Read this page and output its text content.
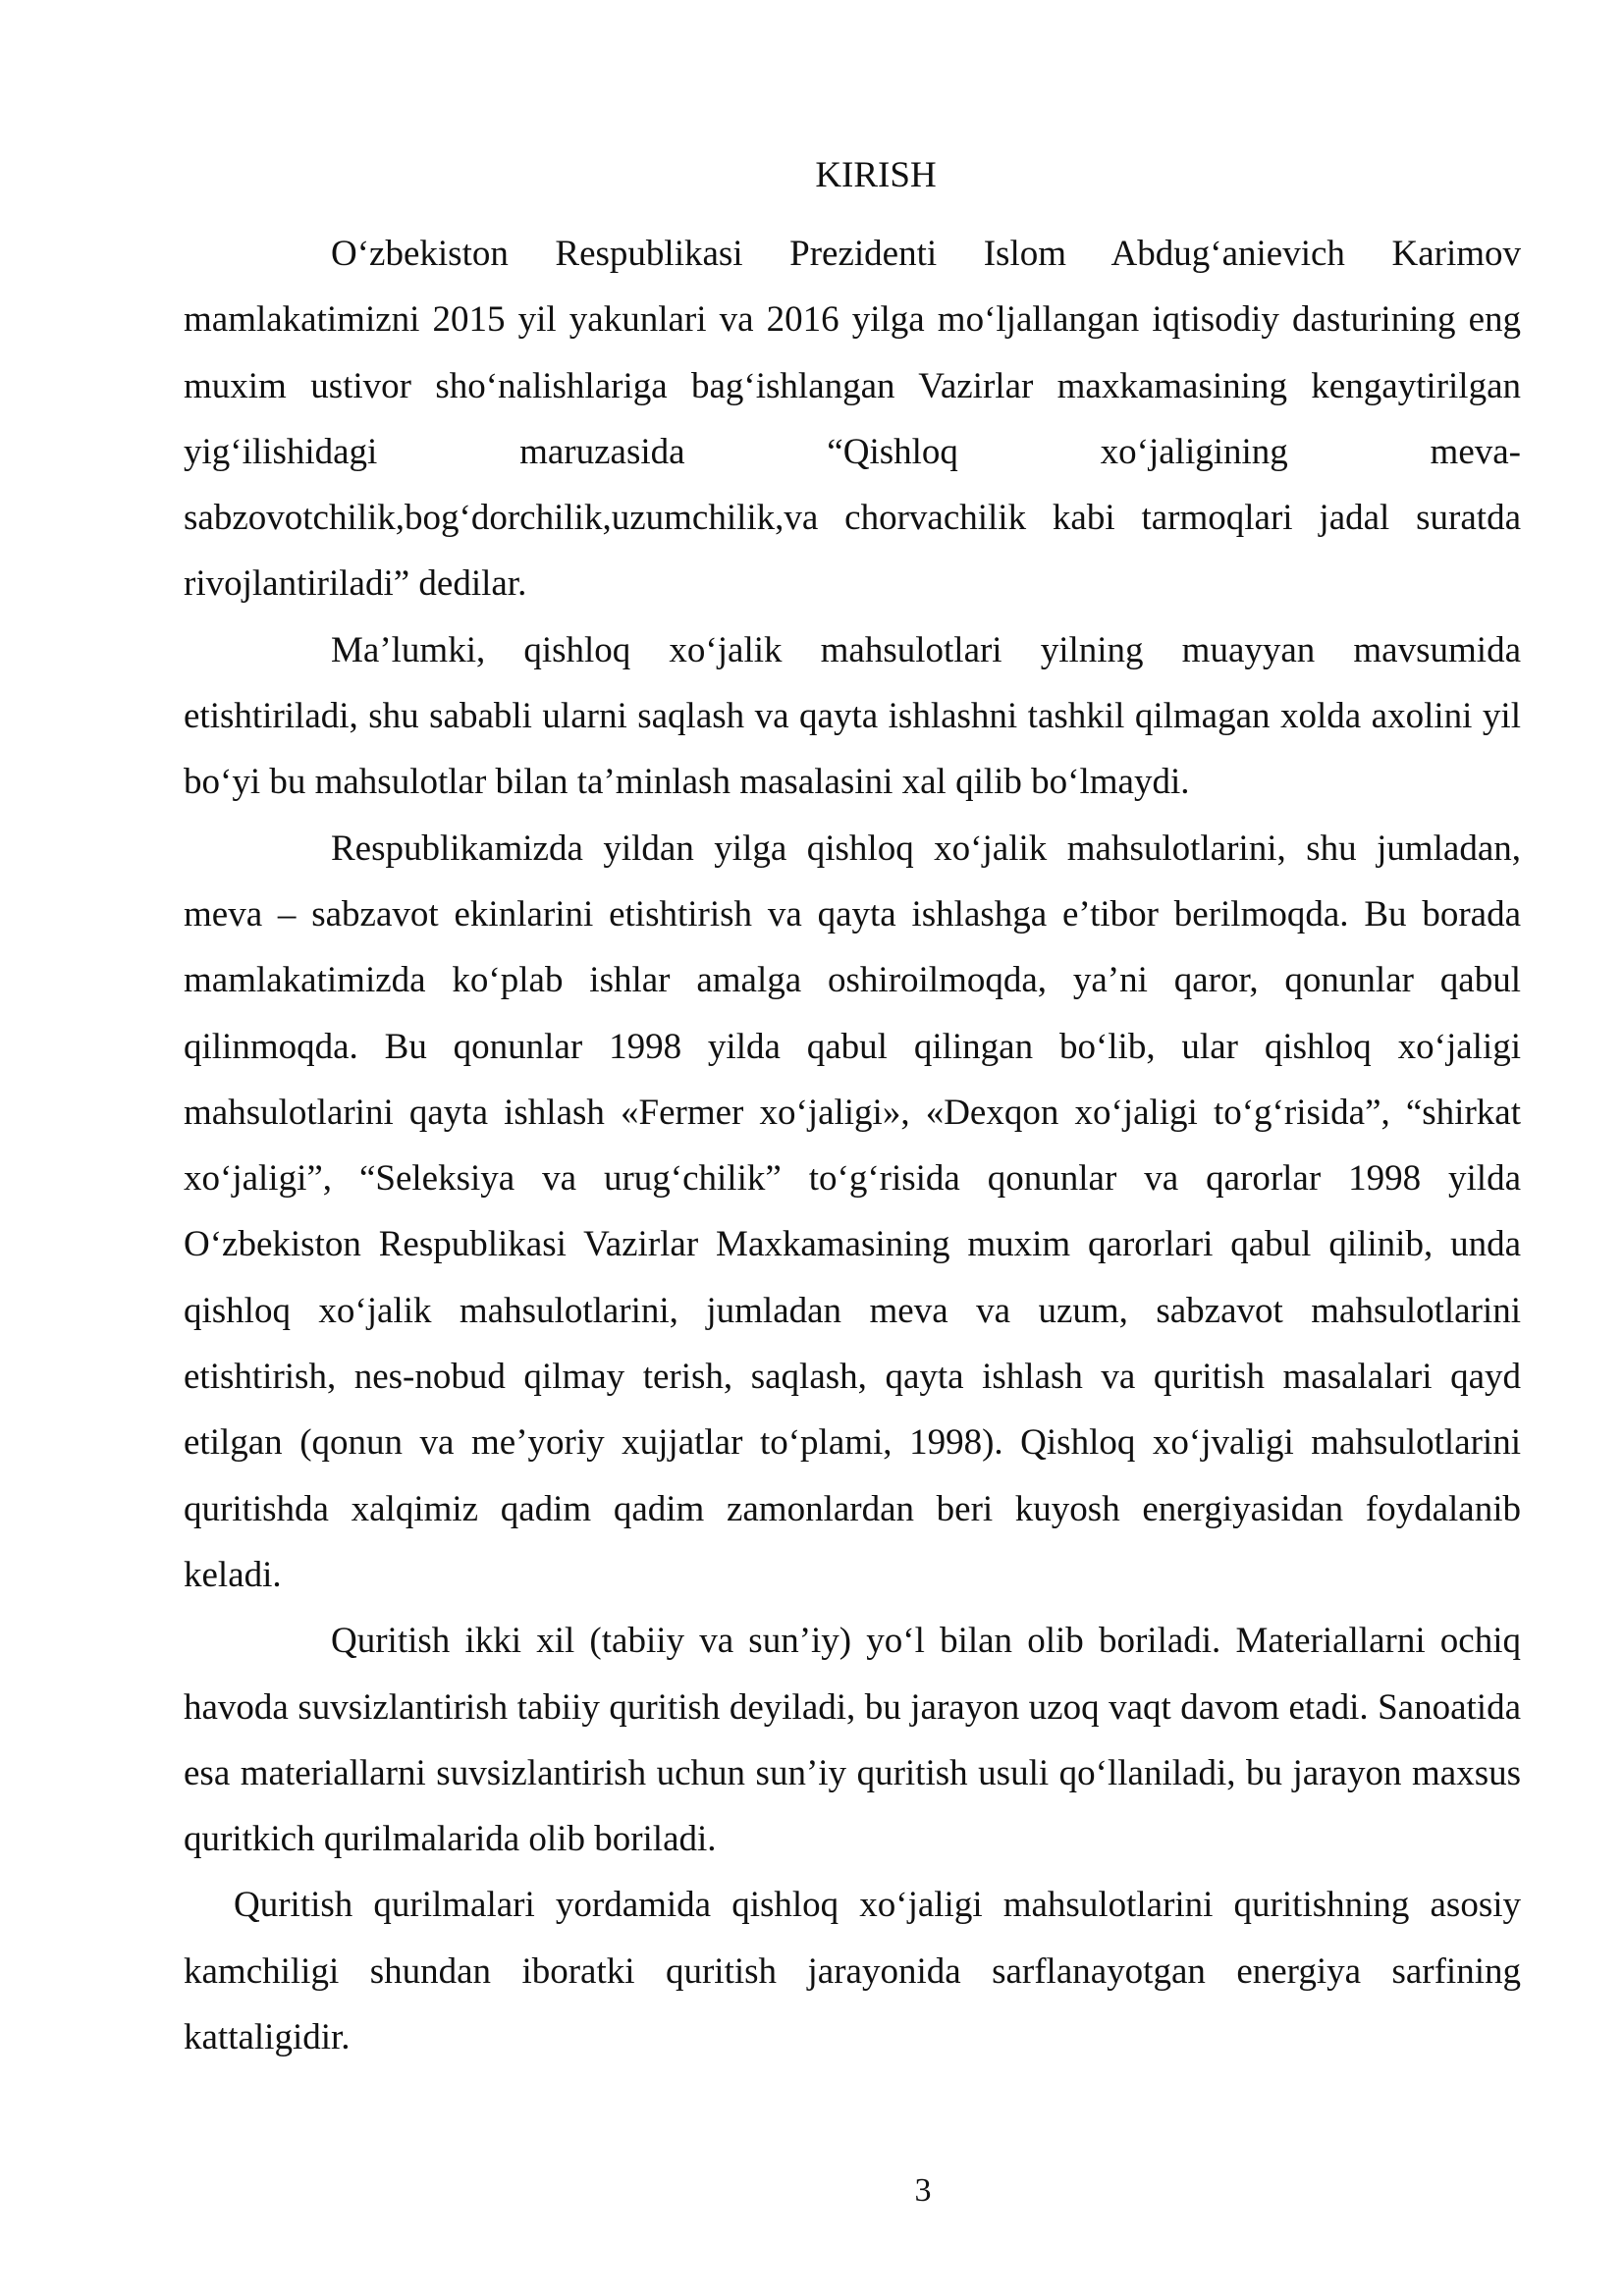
KIRISH

O‘zbekiston Respublikasi Prezidenti Islom Abdug‘anievich Karimov mamlakatimizni 2015 yil yakunlari va 2016 yilga mo‘ljallangan iqtisodiy dasturining eng muxim ustivor sho‘nalishlariga bag‘ishlangan Vazirlar maxkamasining kengaytirilgan yig‘ilishidagi maruzasida “Qishloq xo‘jaligining meva-sabzovotchilik,bog‘dorchilik,uzumchilik,va chorvachilik kabi tarmoqlari jadal suratda rivojlantiriladi” dedilar.

Ma’lumki, qishloq xo‘jalik mahsulotlari yilning muayyan mavsumida etishtiriladi, shu sababli ularni saqlash va qayta ishlashni tashkil qilmagan xolda axolini yil bo‘yi bu mahsulotlar bilan ta’minlash masalasini xal qilib bo‘lmaydi.

Respublikamizda yildan yilga qishloq xo‘jalik mahsulotlarini, shu jumladan, meva – sabzavot ekinlarini etishtirish va qayta ishlashga e’tibor berilmoqda. Bu borada mamlakatimizda ko‘plab ishlar amalga oshiroilmoqda, ya’ni qaror, qonunlar qabul qilinmoqda. Bu qonunlar 1998 yilda qabul qilingan bo‘lib, ular qishloq xo‘jaligi mahsulotlarini qayta ishlash «Fermer xo‘jaligi», «Dexqon xo‘jaligi to‘g‘risida”, “shirkat xo‘jaligi”, “Seleksiya va urug‘chilik” to‘g‘risida qonunlar va qarorlar 1998 yilda O‘zbekiston Respublikasi Vazirlar Maxkamasining muxim qarorlari qabul qilinib, unda qishloq xo‘jalik mahsulotlarini, jumladan meva va uzum, sabzavot mahsulotlarini etishtirish, nes-nobud qilmay terish, saqlash, qayta ishlash va quritish masalalari qayd etilgan (qonun va me’yoriy xujjatlar to‘plami, 1998). Qishloq xo‘jvaligi mahsulotlarini quritishda xalqimiz qadim qadim zamonlardan beri kuyosh energiyasidan foydalanib keladi.

Quritish ikki xil (tabiiy va sun’iy) yo‘l bilan olib boriladi. Materiallarni ochiq havoda suvsizlantirish tabiiy quritish deyiladi, bu jarayon uzoq vaqt davom etadi. Sanoatida esa materiallarni suvsizlantirish uchun sun’iy quritish usuli qo‘llaniladi, bu jarayon maxsus quritkich qurilmalarida olib boriladi.

Quritish qurilmalari yordamida qishloq xo‘jaligi mahsulotlarini quritishning asosiy kamchiligi shundan iboratki quritish jarayonida sarflanayotgan energiya sarfining kattaligidir.

3
